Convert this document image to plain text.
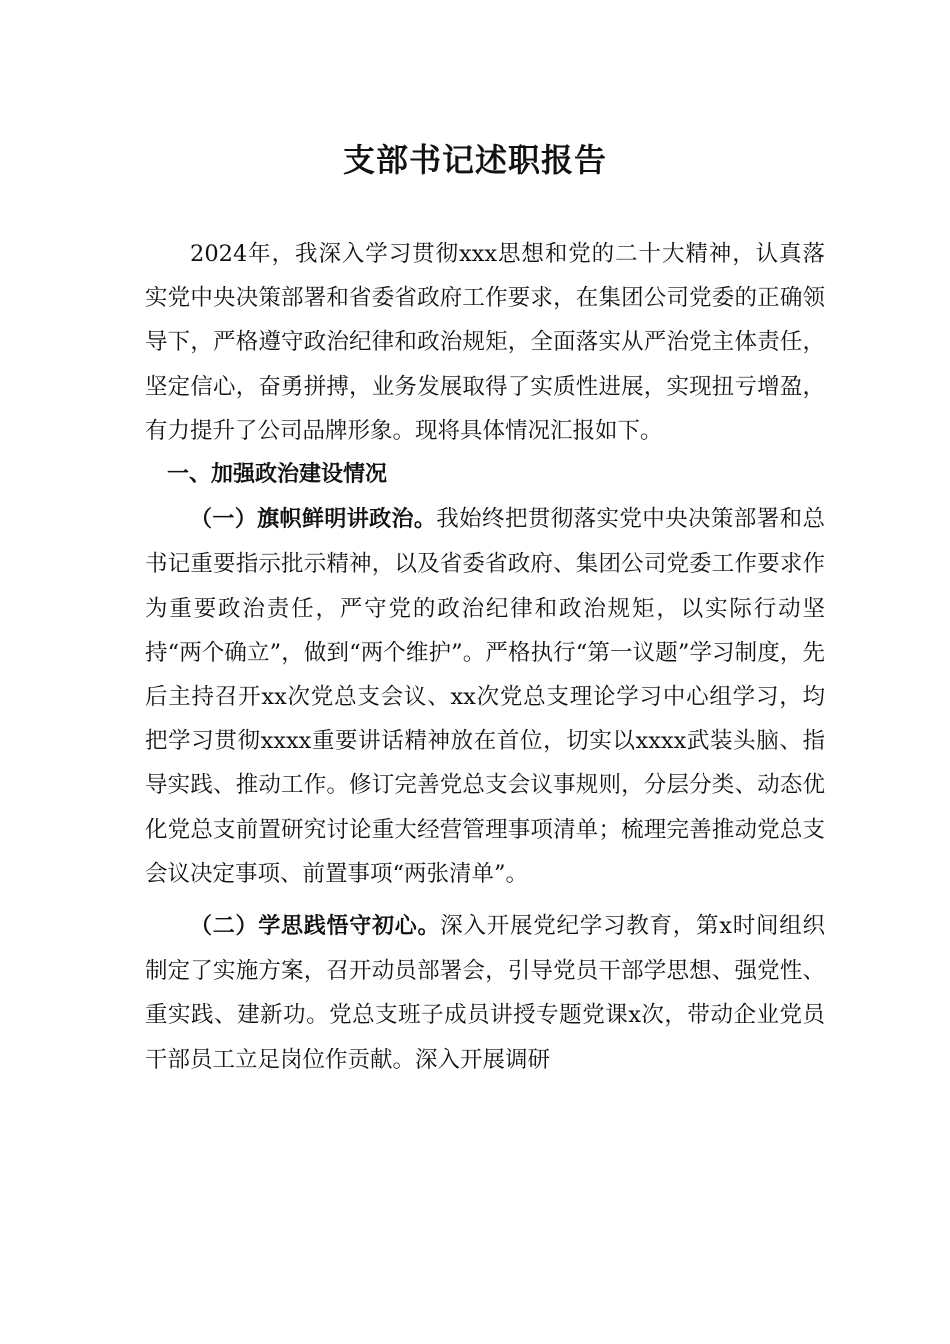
支部书记述职报告

2024年，我深入学习贯彻xxx思想和党的二十大精神，认真落实党中央决策部署和省委省政府工作要求，在集团公司党委的正确领导下，严格遵守政治纪律和政治规矩，全面落实从严治党主体责任，坚定信心，奋勇拼搏，业务发展取得了实质性进展，实现扭亏增盈，有力提升了公司品牌形象。现将具体情况汇报如下。

一、加强政治建设情况

（一）旗帜鲜明讲政治。我始终把贯彻落实党中央决策部署和总书记重要指示批示精神，以及省委省政府、集团公司党委工作要求作为重要政治责任，严守党的政治纪律和政治规矩，以实际行动坚持“两个确立”，做到“两个维护”。严格执行“第一议题”学习制度，先后主持召开xx次党总支会议、xx次党总支理论学习中心组学习，均把学习贯彻xxxx重要讲话精神放在首位，切实以xxxx武装头脑、指导实践、推动工作。修订完善党总支会议事规则，分层分类、动态优化党总支前置研究讨论重大经营管理事项清单；梳理完善推动党总支会议决定事项、前置事项“两张清单”。

（二）学思践悟守初心。深入开展党纪学习教育，第x时间组织制定了实施方案，召开动员部署会，引导党员干部学思想、强党性、重实践、建新功。党总支班子成员讲授专题党课x次，带动企业党员干部员工立足岗位作贡献。深入开展调研
